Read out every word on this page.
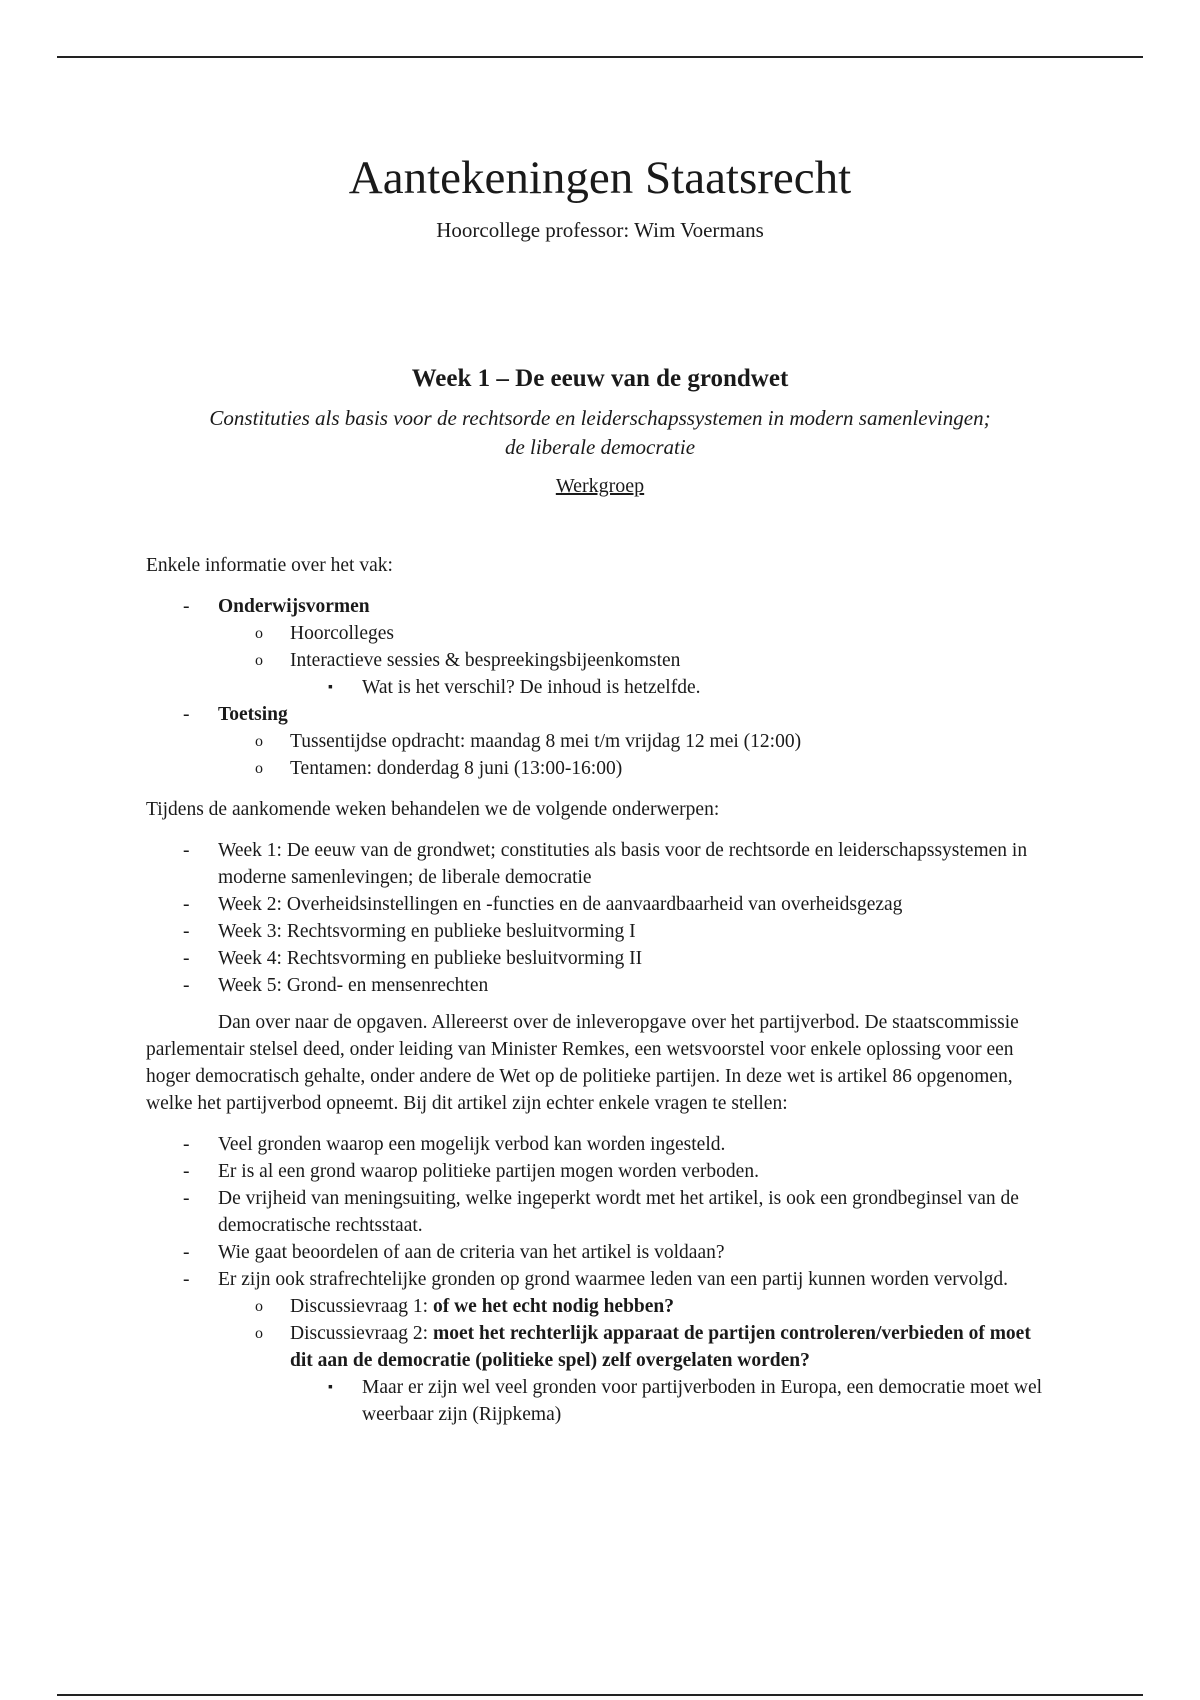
Aantekeningen Staatsrecht

Hoorcollege professor: Wim Voermans

Week 1 – De eeuw van de grondwet

Constituties als basis voor de rechtsorde en leiderschapssystemen in modern samenlevingen;
de liberale democratie

Werkgroep

Enkele informatie over het vak:

- Onderwijsvormen
o Hoorcolleges
o Interactieve sessies & bespreekingsbijeenkomsten
▪ Wat is het verschil? De inhoud is hetzelfde.
- Toetsing
o Tussentijdse opdracht: maandag 8 mei t/m vrijdag 12 mei (12:00)
o Tentamen: donderdag 8 juni (13:00-16:00)

Tijdens de aankomende weken behandelen we de volgende onderwerpen:

- Week 1: De eeuw van de grondwet; constituties als basis voor de rechtsorde en leiderschapssystemen in moderne samenlevingen; de liberale democratie
- Week 2: Overheidsinstellingen en -functies en de aanvaardbaarheid van overheidsgezag
- Week 3: Rechtsvorming en publieke besluitvorming I
- Week 4: Rechtsvorming en publieke besluitvorming II
- Week 5: Grond- en mensenrechten

Dan over naar de opgaven. Allereerst over de inleveropgave over het partijverbod. De staatscommissie parlementair stelsel deed, onder leiding van Minister Remkes, een wetsvoorstel voor enkele oplossing voor een hoger democratisch gehalte, onder andere de Wet op de politieke partijen. In deze wet is artikel 86 opgenomen, welke het partijverbod opneemt. Bij dit artikel zijn echter enkele vragen te stellen:

- Veel gronden waarop een mogelijk verbod kan worden ingesteld.
- Er is al een grond waarop politieke partijen mogen worden verboden.
- De vrijheid van meningsuiting, welke ingeperkt wordt met het artikel, is ook een grondbeginsel van de democratische rechtsstaat.
- Wie gaat beoordelen of aan de criteria van het artikel is voldaan?
- Er zijn ook strafrechtelijke gronden op grond waarmee leden van een partij kunnen worden vervolgd.
o Discussievraag 1: of we het echt nodig hebben?
o Discussievraag 2: moet het rechterlijk apparaat de partijen controleren/verbieden of moet dit aan de democratie (politieke spel) zelf overgelaten worden?
▪ Maar er zijn wel veel gronden voor partijverboden in Europa, een democratie moet wel weerbaar zijn (Rijpkema)
